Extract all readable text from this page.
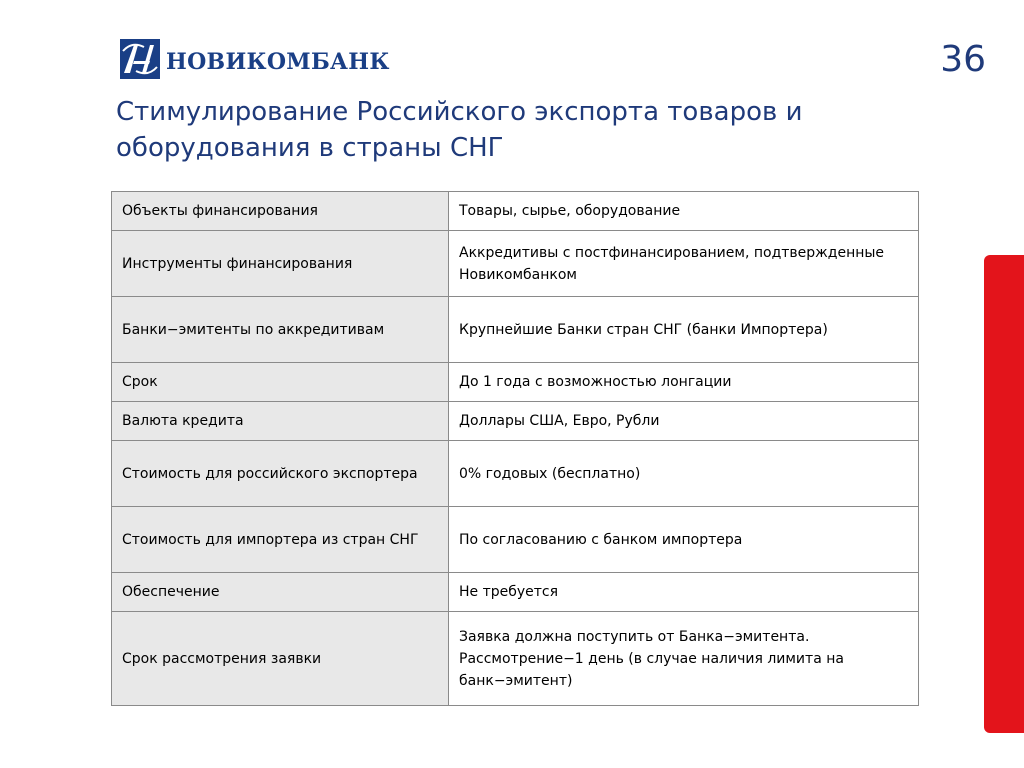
НОВИКОМБАНК	36
Стимулирование Российского экспорта товаров и оборудования в страны СНГ
Объекты финансирования	Товары, сырье, оборудование
Инструменты финансирования	Аккредитивы с постфинансированием, подтвержденные Новикомбанком
Банки−эмитенты по аккредитивам	Крупнейшие Банки стран СНГ (банки Импортера)
Срок	До 1 года с возможностью лонгации
Валюта кредита	Доллары США, Евро, Рубли
Стоимость для российского экспортера	0% годовых (бесплатно)
Стоимость для импортера из стран СНГ	По согласованию с банком импортера
Обеспечение	Не требуется
Срок рассмотрения заявки	Заявка должна поступить от Банка−эмитента. Рассмотрение−1 день (в случае наличия лимита на банк−эмитент)
